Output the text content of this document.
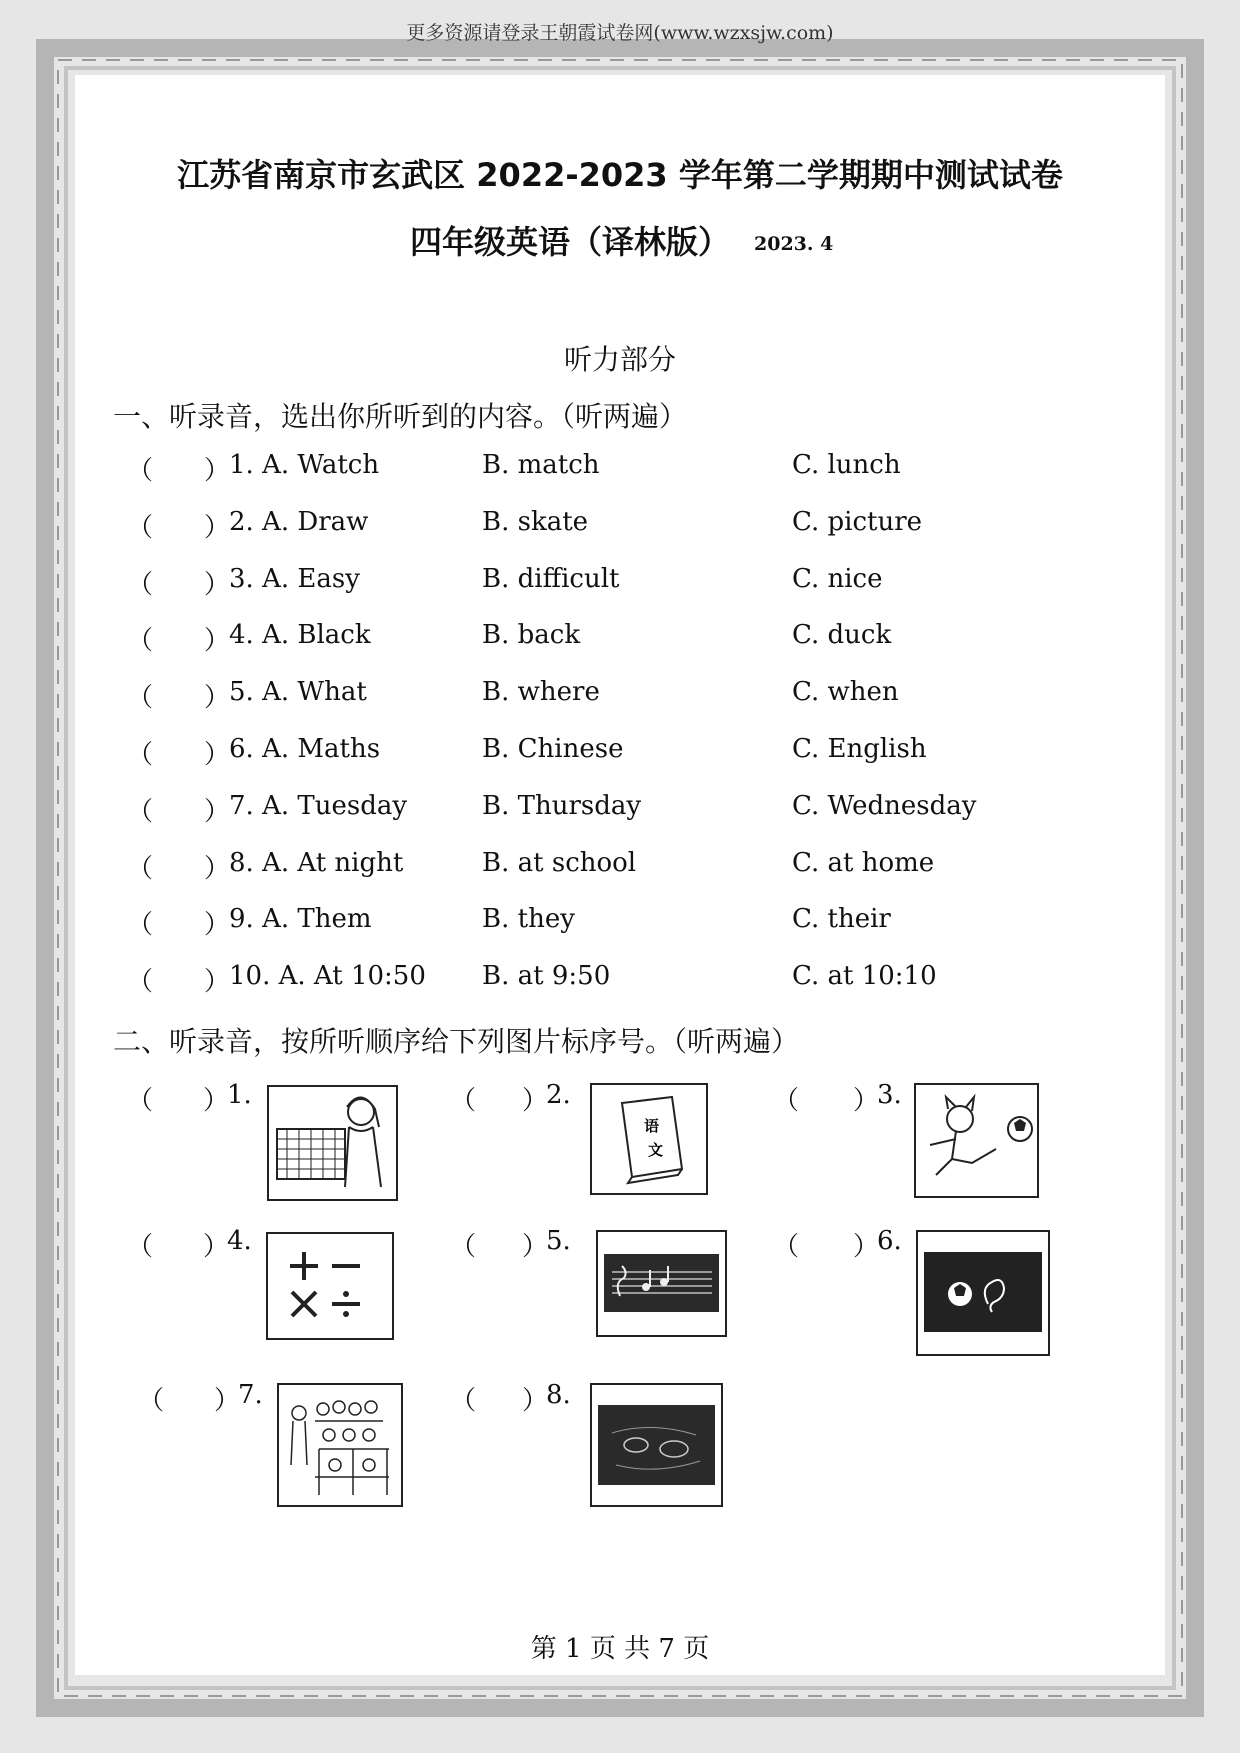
更多资源请登录王朝霞试卷网(www.wzxsjw.com)
江苏省南京市玄武区 2022-2023 学年第二学期期中测试试卷
四年级英语（译林版） 2023. 4
听力部分
一、听录音，选出你所听到的内容。（听两遍）
（ ）
1. A. Watch	B. match	C. lunch
（ ）
2. A. Draw	B. skate	C. picture
（ ）
3. A. Easy	B. difficult	C. nice
（ ）
4. A. Black	B. back	C. duck
（ ）
5. A. What	B. where	C. when
（ ）
6. A. Maths	B. Chinese	C. English
（ ）
7. A. Tuesday	B. Thursday	C. Wednesday
（ ）
8. A. At night	B. at school	C. at home
（ ）
9. A. Them	B. they	C. their
（ ）
10. A. At 10:50 B. at 9:50	C. at 10:10
二、听录音，按所听顺序给下列图片标序号。（听两遍）
（ ）
1.	（ ）
2.
语
文
（ ）
3.
（ ）
4.	（ ）
5.	（ ）
6.
（ ）
7.	（ ）
8.
第 1 页 共 7 页
